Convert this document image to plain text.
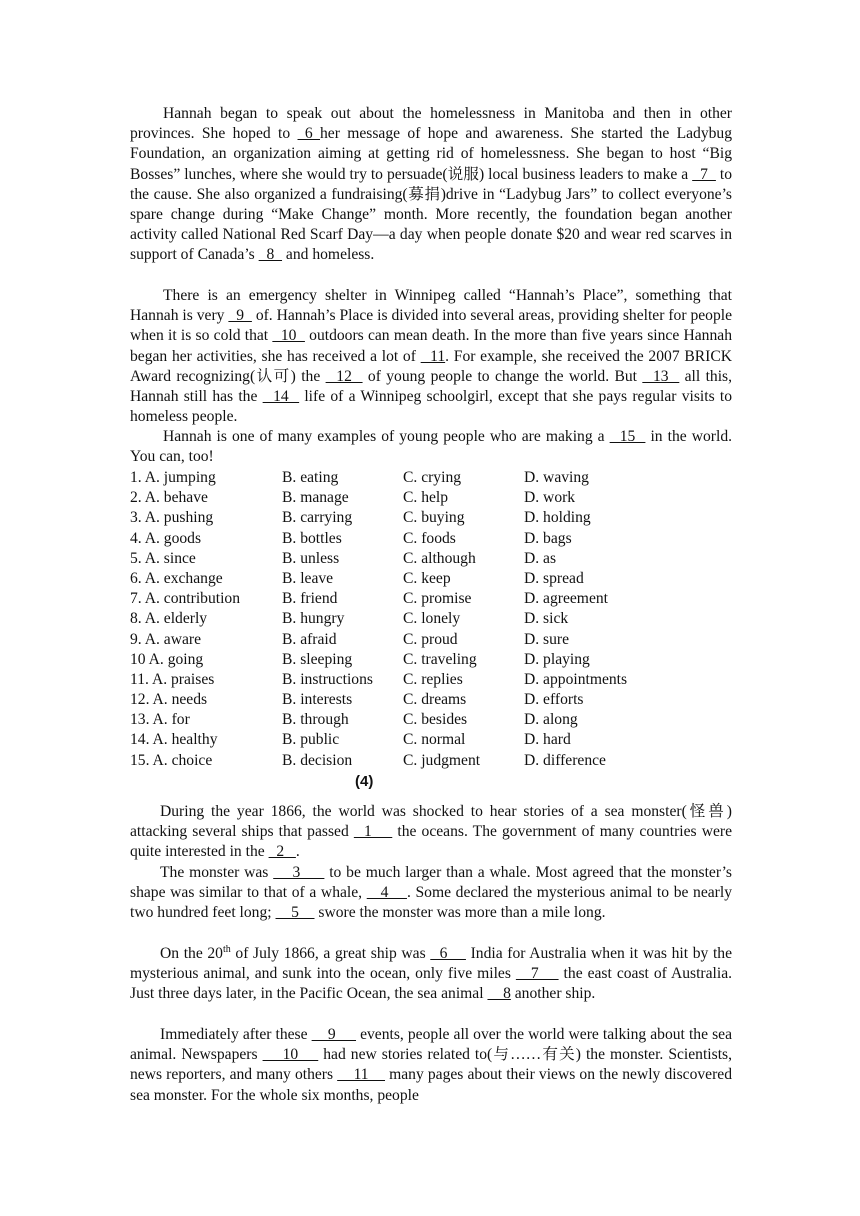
Hannah began to speak out about the homelessness in Manitoba and then in other provinces. She hoped to  6 her message of hope and awareness. She started the Ladybug Foundation, an organization aiming at getting rid of homelessness. She began to host “Big Bosses” lunches, where she would try to persuade(说服) local business leaders to make a   7   to the cause. She also organized a fundraising(募捐)drive in “Ladybug Jars” to collect everyone’s spare change during “Make Change” month. More recently, the foundation began another activity called National Red Scarf Day—a day when people donate $20 and wear red scarves in support of Canada’s   8   and homeless.

There is an emergency shelter in Winnipeg called “Hannah’s Place”, something that Hannah is very   9   of. Hannah’s Place is divided into several areas, providing shelter for people when it is so cold that   10   outdoors can mean death. In the more than five years since Hannah began her activities, she has received a lot of   11. For example, she received the 2007 BRICK Award recognizing(认可) the   12   of young people to change the world. But   13   all this, Hannah still has the   14   life of a Winnipeg schoolgirl, except that she pays regular visits to homeless people.

Hannah is one of many examples of young people who are making a   15   in the world. You can, too!

1. A. jumping	B. eating	C. crying	D. waving
2. A. behave	B. manage	C. help	D. work
3. A. pushing	B. carrying	C. buying	D. holding
4. A. goods	B. bottles	C. foods	D. bags
5. A. since	B. unless	C. although	D. as
6. A. exchange	B. leave	C. keep	D. spread
7. A. contribution	B. friend	C. promise	D. agreement
8. A. elderly	B. hungry	C. lonely	D. sick
9. A. aware	B. afraid	C. proud	D. sure
10 A. going	B. sleeping	C. traveling	D. playing
11. A. praises	B. instructions C. replies	D. appointments
12. A. needs	B. interests	C. dreams	D. efforts
13. A. for	B. through	C. besides	D. along
14. A. healthy	B. public	C. normal	D. hard
15. A. choice	B. decision	C. judgment	D. difference
(4)

During the year 1866, the world was shocked to hear stories of a sea monster(怪兽) attacking several ships that passed   1     the oceans. The government of many countries were quite interested in the   2   .

The monster was     3      to be much larger than a whale. Most agreed that the monster’s shape was similar to that of a whale,    4    . Some declared the mysterious animal to be nearly two hundred feet long;     5     swore the monster was more than a mile long.

On the 20th of July 1866, a great ship was   6     India for Australia when it was hit by the mysterious animal, and sunk into the ocean, only five miles    7     the east coast of Australia. Just three days later, in the Pacific Ocean, the sea animal     8 another ship.

Immediately after these     9      events, people all over the world were talking about the sea animal. Newspapers     10     had new stories related to(与……有关) the monster. Scientists, news reporters, and many others     11     many pages about their views on the newly discovered sea monster. For the whole six months, people
